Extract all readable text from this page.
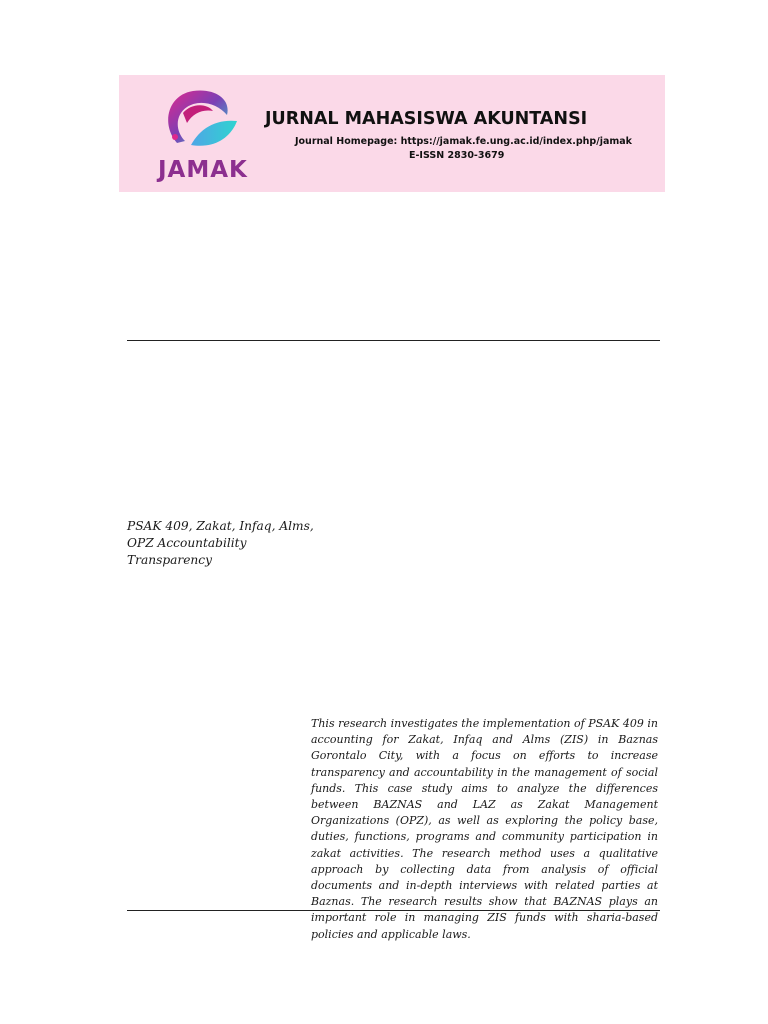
JAMAK
JURNAL MAHASISWA AKUNTANSI
Journal Homepage: https://jamak.fe.ung.ac.id/index.php/jamak
E-ISSN 2830-3679
PSAK 409, Zakat, Infaq, Alms,
OPZ Accountability
Transparency

This research investigates the implementation of PSAK 409 in accounting for Zakat, Infaq and Alms (ZIS) in Baznas Gorontalo City, with a focus on efforts to increase transparency and accountability in the management of social funds. This case study aims to analyze the differences between BAZNAS and LAZ as Zakat Management Organizations (OPZ), as well as exploring the policy base, duties, functions, programs and community participation in zakat activities. The research method uses a qualitative approach by collecting data from analysis of official documents and in-depth interviews with related parties at Baznas. The research results show that BAZNAS plays an important role in managing ZIS funds with sharia-based policies and applicable laws.
